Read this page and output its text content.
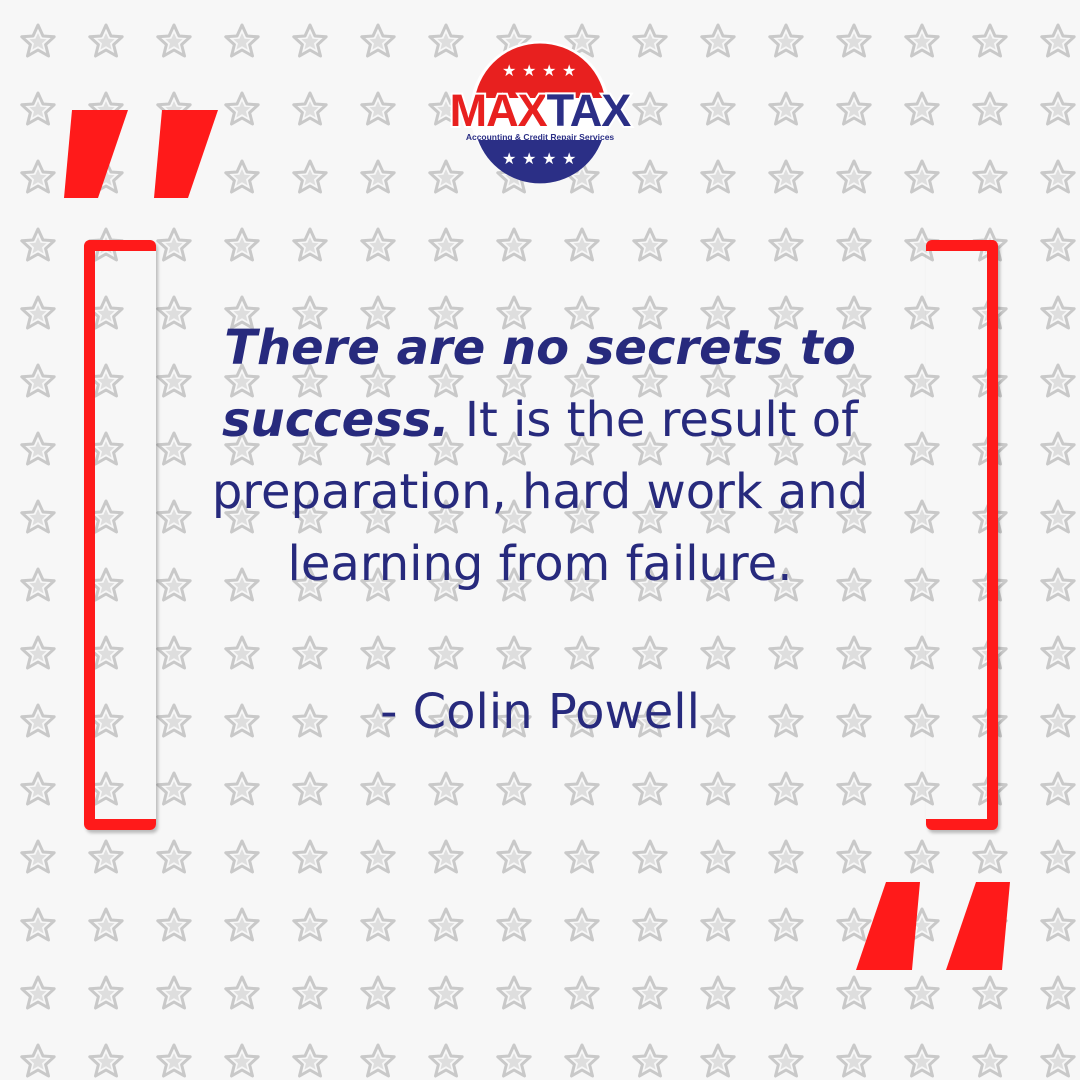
★ ★ ★ ★
★ ★ ★ ★
MAXTAX
Accounting & Credit Repair Services
There are no secrets to success. It is the result of preparation, hard work and learning from failure.
- Colin Powell
